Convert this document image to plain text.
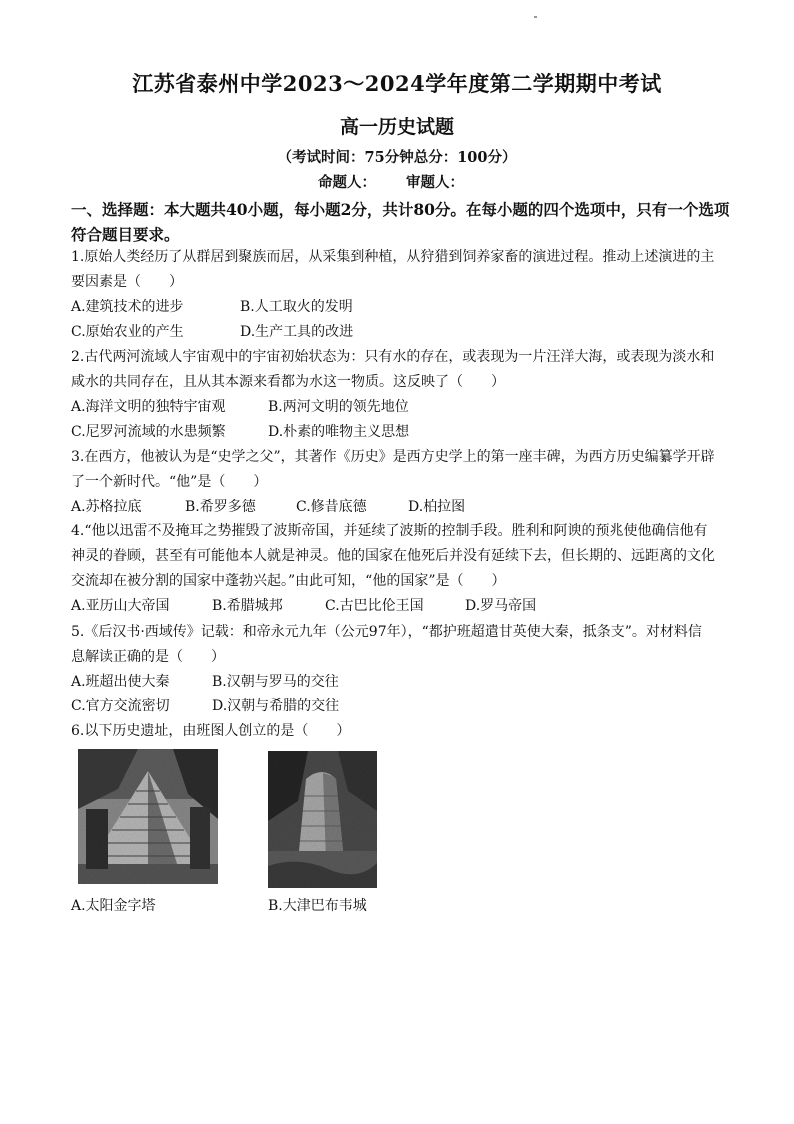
江苏省泰州中学2023～2024学年度第二学期期中考试
高一历史试题
（考试时间：75分钟总分：100分）
命题人： 审题人：
一、选择题：本大题共40小题，每小题2分，共计80分。在每小题的四个选项中，只有一个选项符合题目要求。
1.原始人类经历了从群居到聚族而居，从采集到种植，从狩猎到饲养家畜的演进过程。推动上述演进的主
要因素是（　　）
A.建筑技术的进步	B.人工取火的发明
C.原始农业的产生	D.生产工具的改进
2.古代两河流域人宇宙观中的宇宙初始状态为：只有水的存在，或表现为一片汪洋大海，或表现为淡水和
咸水的共同存在，且从其本源来看都为水这一物质。这反映了（　　）
A.海洋文明的独特宇宙观	B.两河文明的领先地位
C.尼罗河流域的水患频繁	D.朴素的唯物主义思想
3.在西方，他被认为是“史学之父”，其著作《历史》是西方史学上的第一座丰碑，为西方历史编纂学开辟
了一个新时代。“他”是（　　）
A.苏格拉底	B.希罗多德	C.修昔底德	D.柏拉图
4.“他以迅雷不及掩耳之势摧毁了波斯帝国，并延续了波斯的控制手段。胜利和阿谀的预兆使他确信他有
神灵的眷顾，甚至有可能他本人就是神灵。他的国家在他死后并没有延续下去，但长期的、远距离的文化
交流却在被分割的国家中蓬勃兴起。”由此可知，“他的国家”是（　　）
A.亚历山大帝国	B.希腊城邦	C.古巴比伦王国	D.罗马帝国
5.《后汉书·西域传》记载：和帝永元九年（公元97年），“都护班超遣甘英使大秦，抵条支”。对材料信
息解读正确的是（　　）
A.班超出使大秦	B.汉朝与罗马的交往
C.官方交流密切	D.汉朝与希腊的交往
6.以下历史遗址，由班图人创立的是（　　）
A.太阳金字塔	B.大津巴布韦城
